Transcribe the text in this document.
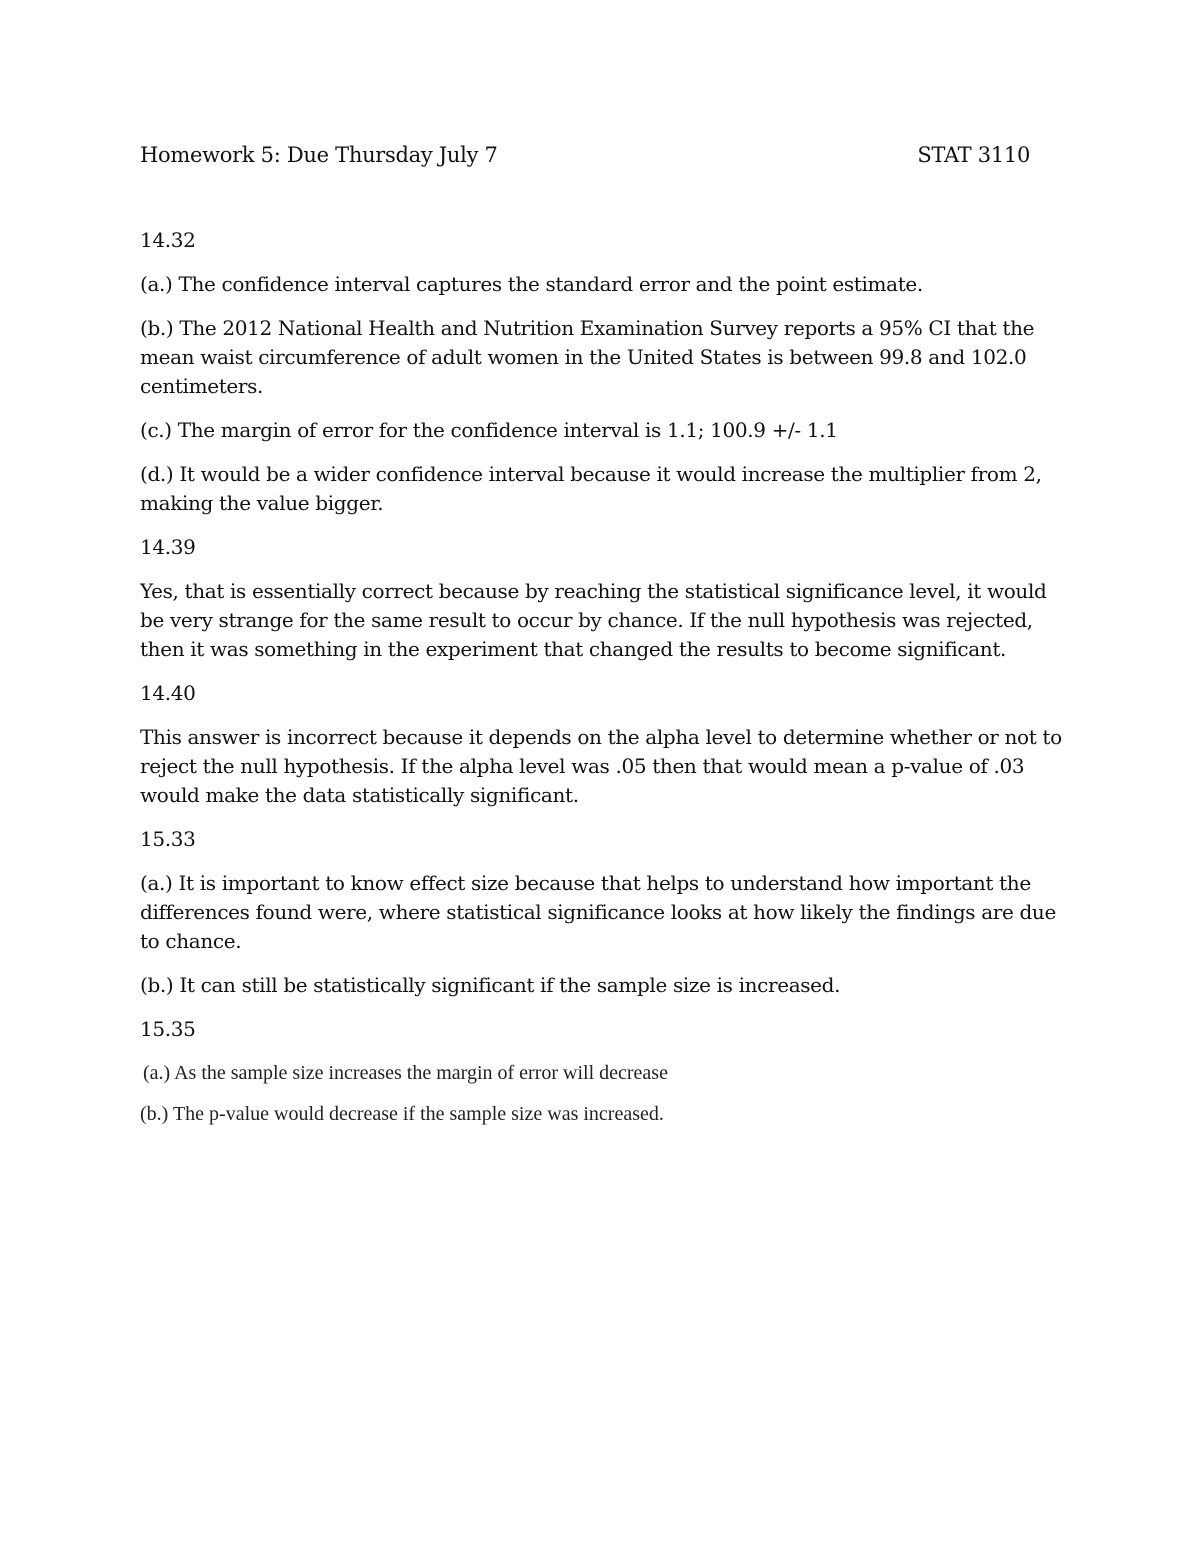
Homework 5: Due Thursday July 7	STAT 3110
14.32
(a.) The confidence interval captures the standard error and the point estimate.
(b.) The 2012 National Health and Nutrition Examination Survey reports a 95% CI that the mean waist circumference of adult women in the United States is between 99.8 and 102.0 centimeters.
(c.) The margin of error for the confidence interval is 1.1; 100.9 +/- 1.1
(d.) It would be a wider confidence interval because it would increase the multiplier from 2, making the value bigger.
14.39
Yes, that is essentially correct because by reaching the statistical significance level, it would be very strange for the same result to occur by chance. If the null hypothesis was rejected, then it was something in the experiment that changed the results to become significant.
14.40
This answer is incorrect because it depends on the alpha level to determine whether or not to reject the null hypothesis. If the alpha level was .05 then that would mean a p-value of .03 would make the data statistically significant.
15.33
(a.) It is important to know effect size because that helps to understand how important the differences found were, where statistical significance looks at how likely the findings are due to chance.
(b.) It can still be statistically significant if the sample size is increased.
15.35
(a.) As the sample size increases the margin of error will decrease
(b.) The p-value would decrease if the sample size was increased.
